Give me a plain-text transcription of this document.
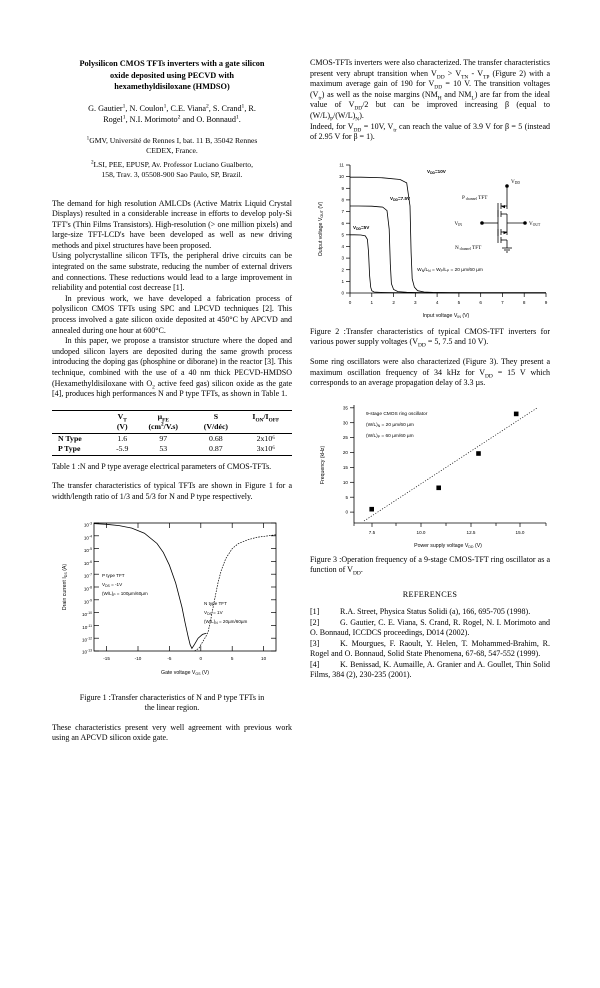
Polysilicon CMOS TFTs inverters with a gate silicon
oxide deposited using PECVD with
hexamethyldisiloxane (HMDSO)
G. Gautier$^1$, N. Coulon$^1$, C.E. Viana$^2$, S. Crand$^1$, R.
Rogel$^1$, N.I. Morimoto$^2$ and O. Bonnaud$^1$.
$^1$GMV, Université de Rennes I, bat. 11 B, 35042 Rennes
CEDEX, France.
$^2$LSI, PEE, EPUSP, Av. Professor Luciano Gualberto,
158, Trav. 3, 05508-900 Sao Paulo, SP, Brazil.

The demand for high resolution AMLCDs (Active Matrix Liquid Crystal Displays) resulted in a considerable increase in efforts to develop poly-Si TFT's (Thin Films Transistors). High-resolution (> one million pixels) and large-size TFT-LCD's have been developed as well as new driving methods and pixel structures have been proposed.

Using polycrystalline silicon TFTs, the peripheral drive circuits can be integrated on the same substrate, reducing the number of external drivers and connections. These reductions would lead to a large improvement in reliability and potential cost decrease [1].

In previous work, we have developed a fabrication process of polysilicon CMOS TFTs using SPC and LPCVD techniques [2]. This process involved a gate silicon oxide deposited at 450°C by APCVD and annealed during one hour at 600°C.

In this paper, we propose a transistor structure where the doped and undoped silicon layers are deposited during the same growth process introducing the doping gas (phosphine or diborane) in the reactor [3]. This technique, combined with the use of a 40 nm thick PECVD-HMDSO (Hexamethyldisiloxane with $O_2$ active feed gas) silicon oxide as the gate [4], produces high performances N and P type TFTs, as shown in Table 1.

	$V_T$	µ$_{FE}$	S	$I_{ON}/I_{OFF}$
	(V)	$(cm^2/V.s)$	(V/déc)	
N Type	1.6	97	0.68	2x10⁶
P Type	-5.9	53	0.87	3x10⁶

Table 1 :N and P type average electrical parameters of CMOS-TFTs.

The transfer characteristics of typical TFTs are shown in Figure 1 for a width/length ratio of 1/3 and 5/3 for N and P type respectively.

$10^{-3}$
$10^{-4}$
$10^{-5}$
$10^{-6}$
$10^{-7}$
$10^{-8}$
$10^{-9}$
$10^{-10}$
$10^{-11}$
$10^{-12}$
$10^{-13}$
-15	-10	-5	0	5	10
Gate voltage $V_{GS}$ (V)
Drain current $I_{DS}$ (A)
P type TFT
$V_{DS} = -1V$
$(W/L)_P = 100\mu m/60\mu m$
N type TFT
$V_{DS} = 1V$
$(W/L)_N = 20\mu m/60\mu m$

Figure 1 :Transfer characteristics of N and P type TFTs in
the linear region.

These characteristics present very well agreement with previous work using an APCVD silicon oxide gate.

CMOS-TFTs inverters were also characterized. The transfer characteristics present very abrupt transition when $V_{DD} > V_{TN} - V_{TP}$ (Figure 2) with a maximum average gain of 190 for $V_{DD} = 10$ V. The transition voltages $(V_{tr})$ as well as the noise margins ($NM_H$ and $NM_L$) are far from the ideal value of $V_{DD}/2$ but can be improved increasing β (equal to $(W/L)_P/(W/L)_N$).

Indeed, for $V_{DD} = 10V$, $V_{tr}$ can reach the value of 3.9 V for β = 5 (instead of 2.95 V for β = 1).

0
1
2
3
4
5
6
7
8
9
10
11
0	1	2	3	4	5	6	7	8	9
Input voltage $V_{IN}$ (V)
Output voltage $V_{OUT}$ (V)
$V_{DD}=5V$
$V_{DD}=7.5V$
$V_{DD}=10V$
$V_{DD}$
P $_{channel}$ TFT
$V_{IN}$	$V_{OUT}$
N $_{channel}$ TFT
$W_N/L_N = W_P/L_P = 20$ µm/60 µm

Figure 2 :Transfer characteristics of typical CMOS-TFT inverters for various power supply voltages ($V_{DD} = 5$, 7.5 and 10 V).

Some ring oscillators were also characterized (Figure 3). They present a maximum oscillation frequency of 34 kHz for $V_{DD} = 15$ V which corresponds to an average propagation delay of 3.3 µs.

0
5
10
15
20
25
30
35
7.5	10.0	12.5	15.0
Power supply voltage $V_{DD}$ (V)
Frequency (kHz)
9-stage CMOS ring oscillator
$(W/L)_N = 20$ µm/60 µm
$(W/L)_P = 60$ µm/60 µm

Figure 3 :Operation frequency of a 9-stage CMOS-TFT ring oscillator as a function of $V_{DD}$.

REFERENCES

[1]	R.A. Street, Physica Status Solidi (a), 166, 695-705 (1998).

[2]	G. Gautier, C. E. Viana, S. Crand, R. Rogel, N. I. Morimoto and O. Bonnaud, ICCDCS proceedings, D014 (2002).

[3]	K. Mourgues, F. Raoult, Y. Helen, T. Mohammed-Brahim, R. Rogel and O. Bonnaud, Solid State Phenomena, 67-68, 547-552 (1999).

[4]	K. Benissad, K. Aumaille, A. Granier and A. Goullet, Thin Solid Films, 384 (2), 230-235 (2001).
